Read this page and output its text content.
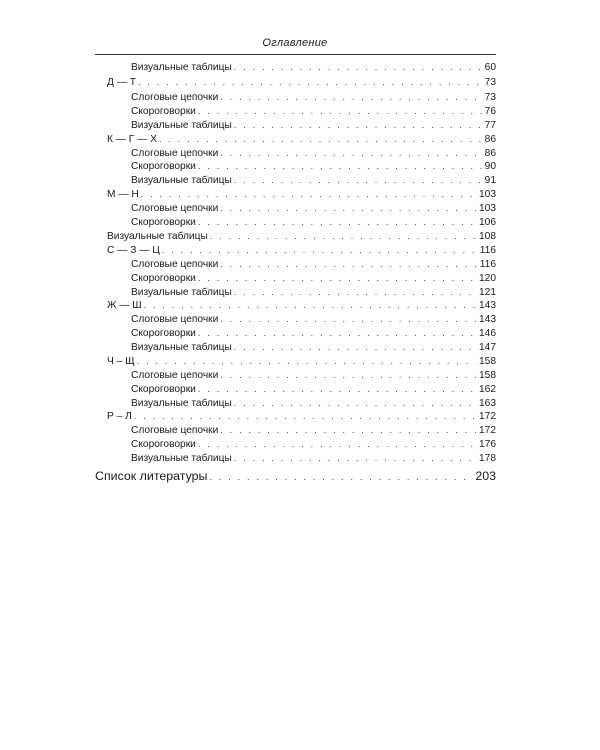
Оглавление
Визуальные таблицы . . .	60
Д — Т . . .	73
Слоговые цепочки . . .	73
Скороговорки . . .	76
Визуальные таблицы . . .	77
К — Г — Х . . .	86
Слоговые цепочки . . .	86
Скороговорки . . .	90
Визуальные таблицы . . .	91
М — Н . . .	103
Слоговые цепочки . . .	103
Скороговорки . . .	106
Визуальные таблицы . . .	108
С — З — Ц . . .	116
Слоговые цепочки . . .	116
Скороговорки . . .	120
Визуальные таблицы . . .	121
Ж — Ш . . .	143
Слоговые цепочки . . .	143
Скороговорки . . .	146
Визуальные таблицы . . .	147
Ч – Щ . . .	158
Слоговые цепочки . . .	158
Скороговорки . . .	162
Визуальные таблицы . . .	163
Р – Л . . .	172
Слоговые цепочки . . .	172
Скороговорки . . .	176
Визуальные таблицы . . .	178
Список литературы . . .	203
